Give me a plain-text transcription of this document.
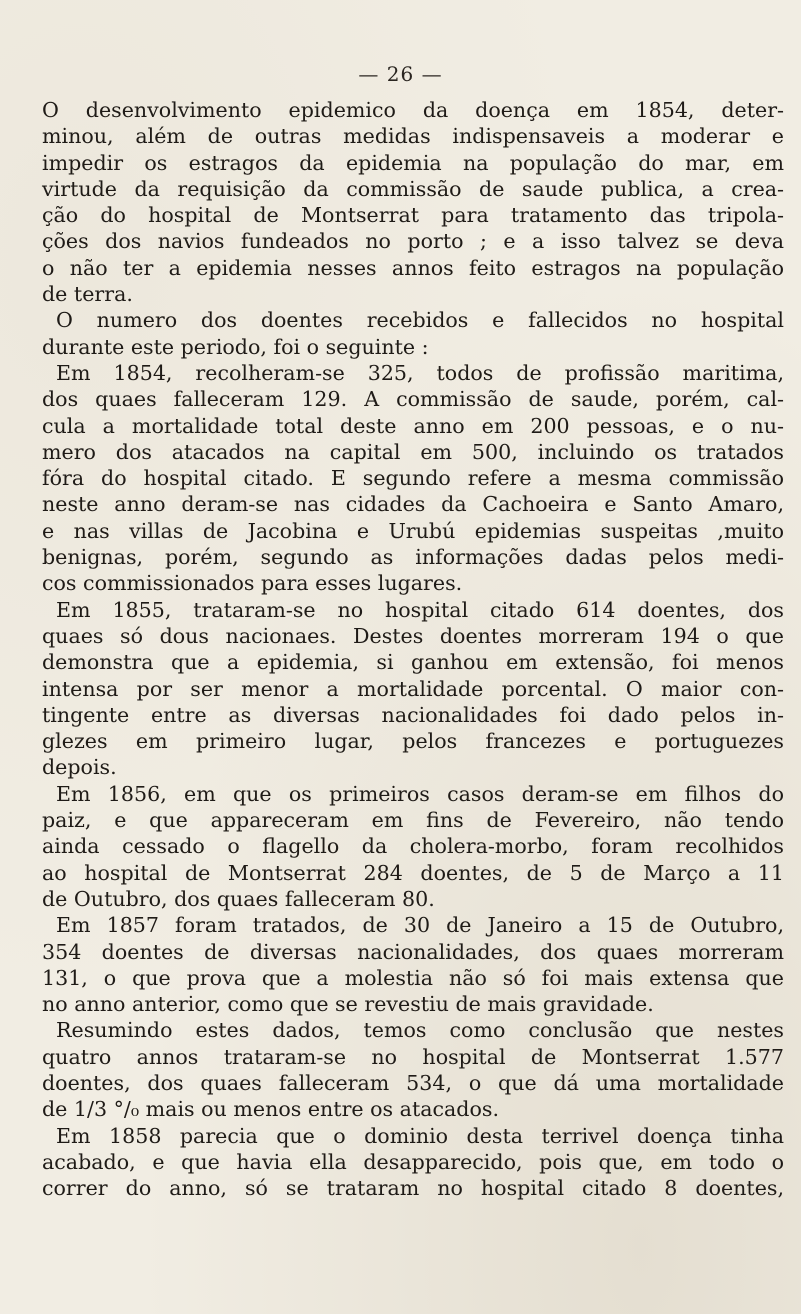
— 26 —
O desenvolvimento epidemico da doença em 1854, deter-
minou, além de outras medidas indispensaveis a moderar e
impedir os estragos da epidemia na população do mar, em
virtude da requisição da commissão de saude publica, a crea-
ção do hospital de Montserrat para tratamento das tripola-
ções dos navios fundeados no porto ; e a isso talvez se deva
o não ter a epidemia nesses annos feito estragos na população
de terra.
O numero dos doentes recebidos e fallecidos no hospital
durante este periodo, foi o seguinte :
Em 1854, recolheram-se 325, todos de profissão maritima,
dos quaes falleceram 129. A commissão de saude, porém, cal-
cula a mortalidade total deste anno em 200 pessoas, e o nu-
mero dos atacados na capital em 500, incluindo os tratados
fóra do hospital citado. E segundo refere a mesma commissão
neste anno deram-se nas cidades da Cachoeira e Santo Amaro,
e nas villas de Jacobina e Urubú epidemias suspeitas ,muito
benignas, porém, segundo as informações dadas pelos medi-
cos commissionados para esses lugares.
Em 1855, trataram-se no hospital citado 614 doentes, dos
quaes só dous nacionaes. Destes doentes morreram 194 o que
demonstra que a epidemia, si ganhou em extensão, foi menos
intensa por ser menor a mortalidade porcental. O maior con-
tingente entre as diversas nacionalidades foi dado pelos in-
glezes em primeiro lugar, pelos francezes e portuguezes
depois.
Em 1856, em que os primeiros casos deram-se em filhos do
paiz, e que appareceram em fins de Fevereiro, não tendo
ainda cessado o flagello da cholera-morbo, foram recolhidos
ao hospital de Montserrat 284 doentes, de 5 de Março a 11
de Outubro, dos quaes falleceram 80.
Em 1857 foram tratados, de 30 de Janeiro a 15 de Outubro,
354 doentes de diversas nacionalidades, dos quaes morreram
131, o que prova que a molestia não só foi mais extensa que
no anno anterior, como que se revestiu de mais gravidade.
Resumindo estes dados, temos como conclusão que nestes
quatro annos trataram-se no hospital de Montserrat 1.577
doentes, dos quaes falleceram 534, o que dá uma mortalidade
de 1/3 °/₀ mais ou menos entre os atacados.
Em 1858 parecia que o dominio desta terrivel doença tinha
acabado, e que havia ella desapparecido, pois que, em todo o
correr do anno, só se trataram no hospital citado 8 doentes,
